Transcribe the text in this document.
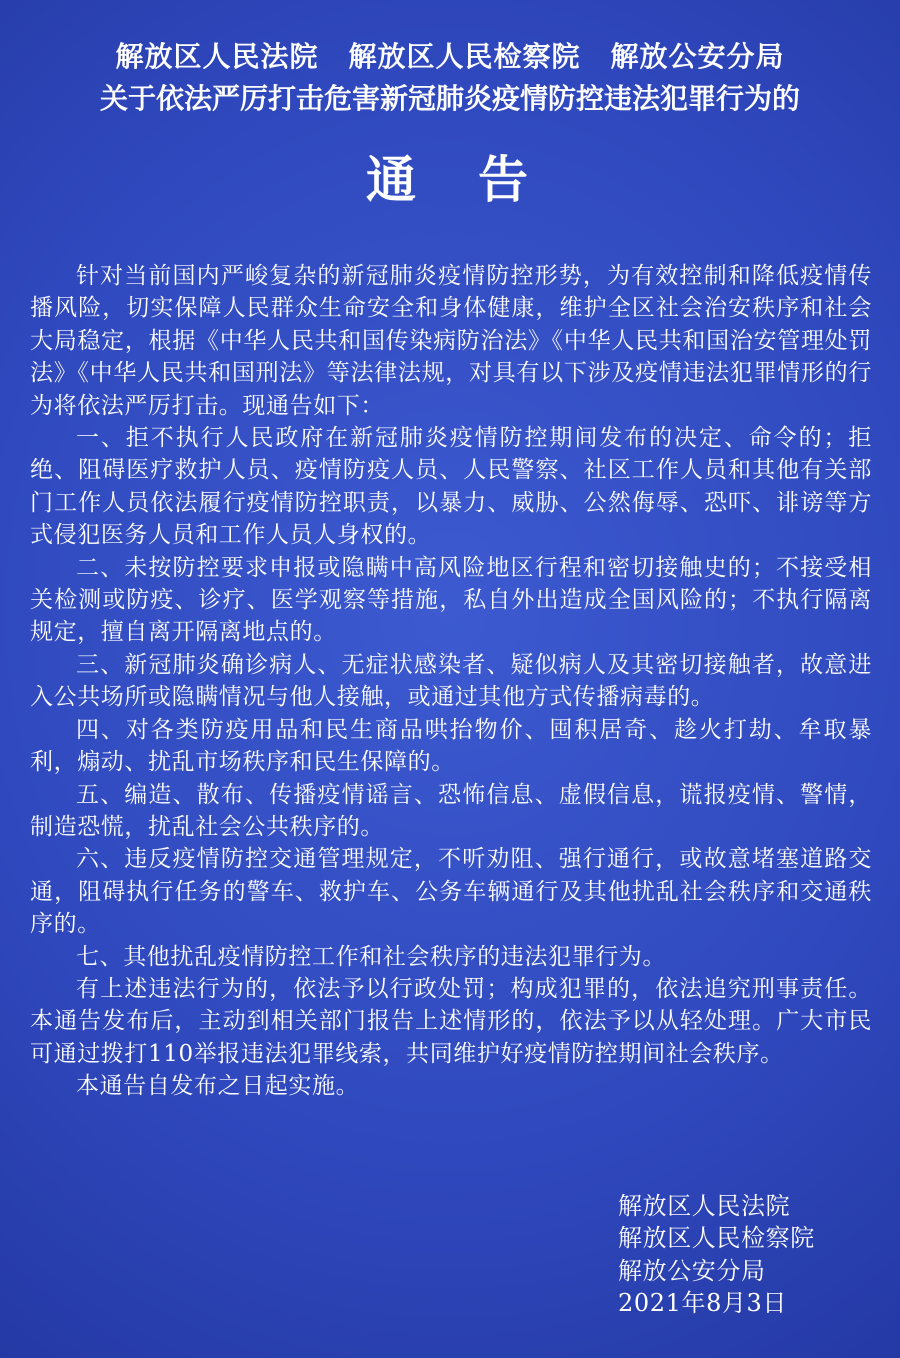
解放区人民法院 解放区人民检察院 解放公安分局
关于依法严厉打击危害新冠肺炎疫情防控违法犯罪行为的
通　告

针对当前国内严峻复杂的新冠肺炎疫情防控形势，为有效控制和降低疫情传播风险，切实保障人民群众生命安全和身体健康，维护全区社会治安秩序和社会大局稳定，根据《中华人民共和国传染病防治法》《中华人民共和国治安管理处罚法》《中华人民共和国刑法》等法律法规，对具有以下涉及疫情违法犯罪情形的行为将依法严厉打击。现通告如下：

一、拒不执行人民政府在新冠肺炎疫情防控期间发布的决定、命令的；拒绝、阻碍医疗救护人员、疫情防疫人员、人民警察、社区工作人员和其他有关部门工作人员依法履行疫情防控职责，以暴力、威胁、公然侮辱、恐吓、诽谤等方式侵犯医务人员和工作人员人身权的。

二、未按防控要求申报或隐瞒中高风险地区行程和密切接触史的；不接受相关检测或防疫、诊疗、医学观察等措施，私自外出造成全国风险的；不执行隔离规定，擅自离开隔离地点的。

三、新冠肺炎确诊病人、无症状感染者、疑似病人及其密切接触者，故意进入公共场所或隐瞒情况与他人接触，或通过其他方式传播病毒的。

四、对各类防疫用品和民生商品哄抬物价、囤积居奇、趁火打劫、牟取暴利，煽动、扰乱市场秩序和民生保障的。

五、编造、散布、传播疫情谣言、恐怖信息、虚假信息，谎报疫情、警情，制造恐慌，扰乱社会公共秩序的。

六、违反疫情防控交通管理规定，不听劝阻、强行通行，或故意堵塞道路交通，阻碍执行任务的警车、救护车、公务车辆通行及其他扰乱社会秩序和交通秩序的。

七、其他扰乱疫情防控工作和社会秩序的违法犯罪行为。

有上述违法行为的，依法予以行政处罚；构成犯罪的，依法追究刑事责任。本通告发布后，主动到相关部门报告上述情形的，依法予以从轻处理。广大市民可通过拨打110举报违法犯罪线索，共同维护好疫情防控期间社会秩序。

本通告自发布之日起实施。

解放区人民法院
解放区人民检察院
解放公安分局
2021年8月3日
